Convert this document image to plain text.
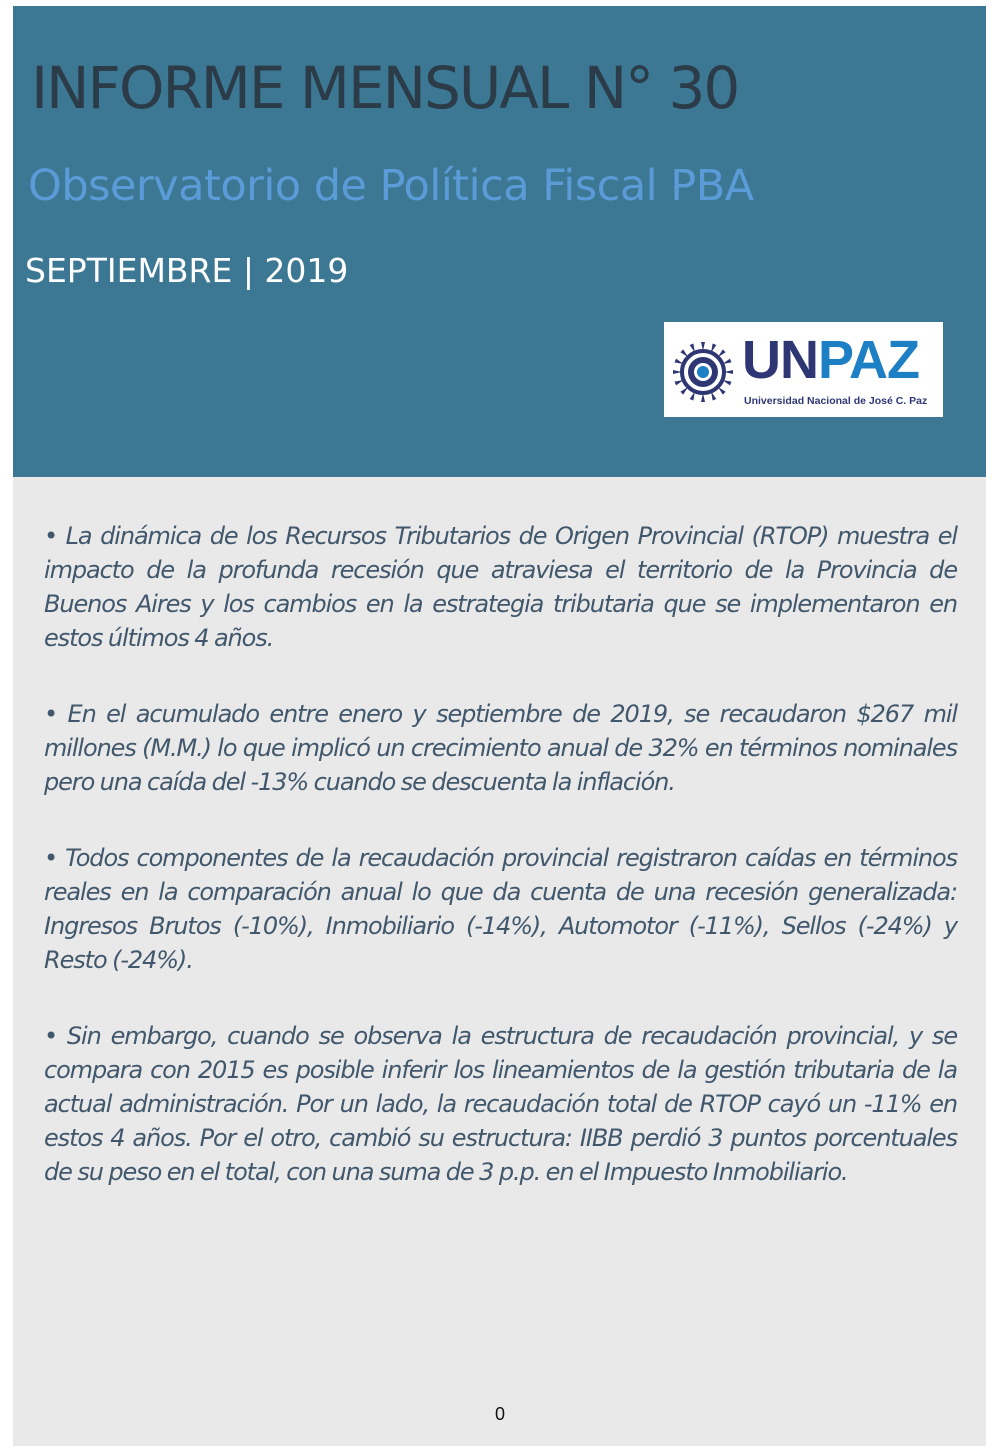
INFORME MENSUAL N° 30
Observatorio de Política Fiscal PBA
SEPTIEMBRE | 2019
UNPAZ
Universidad Nacional de José C. Paz

• La dinámica de los Recursos Tributarios de Origen Provincial (RTOP) muestra el impacto de la profunda recesión que atraviesa el territorio de la Provincia de Buenos Aires y los cambios en la estrategia tributaria que se implementaron en estos últimos 4 años.

• En el acumulado entre enero y septiembre de 2019, se recaudaron $267 mil millones (M.M.) lo que implicó un crecimiento anual de 32% en términos nominales pero una caída del -13% cuando se descuenta la inflación.

• Todos componentes de la recaudación provincial registraron caídas en términos reales en la comparación anual lo que da cuenta de una recesión generalizada: Ingresos Brutos (-10%), Inmobiliario (-14%), Automotor (-11%), Sellos (-24%) y Resto (-24%).

• Sin embargo, cuando se observa la estructura de recaudación provincial, y se compara con 2015 es posible inferir los lineamientos de la gestión tributaria de la actual administración. Por un lado, la recaudación total de RTOP cayó un -11% en estos 4 años. Por el otro, cambió su estructura: IIBB perdió 3 puntos porcentuales de su peso en el total, con una suma de 3 p.p. en el Impuesto Inmobiliario.

0
